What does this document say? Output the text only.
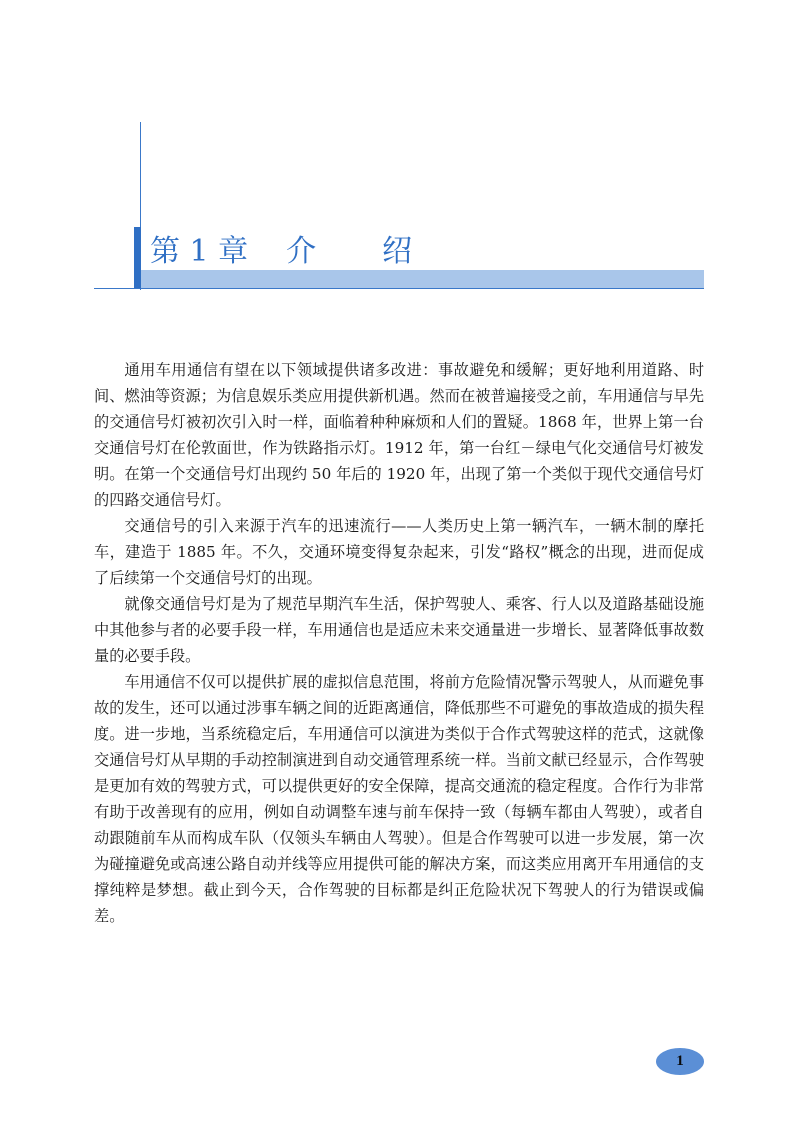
第 1 章 介 绍

通用车用通信有望在以下领域提供诸多改进：事故避免和缓解；更好地利用道路、时间、燃油等资源；为信息娱乐类应用提供新机遇。然而在被普遍接受之前，车用通信与早先的交通信号灯被初次引入时一样，面临着种种麻烦和人们的置疑。1868 年，世界上第一台交通信号灯在伦敦面世，作为铁路指示灯。1912 年，第一台红－绿电气化交通信号灯被发明。在第一个交通信号灯出现约 50 年后的 1920 年，出现了第一个类似于现代交通信号灯的四路交通信号灯。

交通信号的引入来源于汽车的迅速流行——人类历史上第一辆汽车，一辆木制的摩托车，建造于 1885 年。不久，交通环境变得复杂起来，引发“路权”概念的出现，进而促成了后续第一个交通信号灯的出现。

就像交通信号灯是为了规范早期汽车生活，保护驾驶人、乘客、行人以及道路基础设施中其他参与者的必要手段一样，车用通信也是适应未来交通量进一步增长、显著降低事故数量的必要手段。

车用通信不仅可以提供扩展的虚拟信息范围，将前方危险情况警示驾驶人，从而避免事故的发生，还可以通过涉事车辆之间的近距离通信，降低那些不可避免的事故造成的损失程度。进一步地，当系统稳定后，车用通信可以演进为类似于合作式驾驶这样的范式，这就像交通信号灯从早期的手动控制演进到自动交通管理系统一样。当前文献已经显示，合作驾驶是更加有效的驾驶方式，可以提供更好的安全保障，提高交通流的稳定程度。合作行为非常有助于改善现有的应用，例如自动调整车速与前车保持一致（每辆车都由人驾驶），或者自动跟随前车从而构成车队（仅领头车辆由人驾驶）。但是合作驾驶可以进一步发展，第一次为碰撞避免或高速公路自动并线等应用提供可能的解决方案，而这类应用离开车用通信的支撑纯粹是梦想。截止到今天，合作驾驶的目标都是纠正危险状况下驾驶人的行为错误或偏差。

1
